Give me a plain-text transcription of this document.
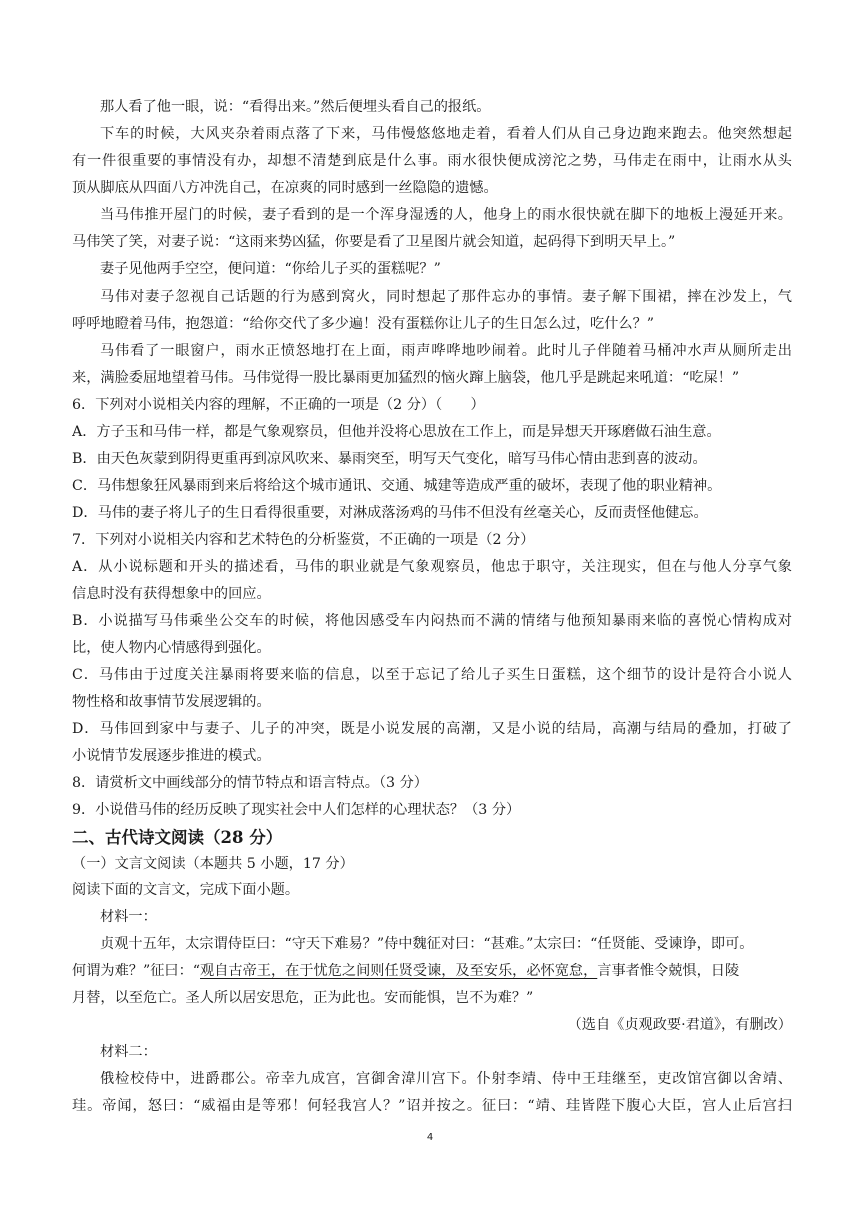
那人看了他一眼，说：“看得出来。”然后便埋头看自己的报纸。
下车的时候，大风夹杂着雨点落了下来，马伟慢悠悠地走着，看着人们从自己身边跑来跑去。他突然想起
有一件很重要的事情没有办，却想不清楚到底是什么事。雨水很快便成滂沱之势，马伟走在雨中，让雨水从头
顶从脚底从四面八方冲洗自己，在凉爽的同时感到一丝隐隐的遗憾。
当马伟推开屋门的时候，妻子看到的是一个浑身湿透的人，他身上的雨水很快就在脚下的地板上漫延开来。
马伟笑了笑，对妻子说：“这雨来势凶猛，你要是看了卫星图片就会知道，起码得下到明天早上。”
妻子见他两手空空，便问道：“你给儿子买的蛋糕呢？”
马伟对妻子忽视自己话题的行为感到窝火，同时想起了那件忘办的事情。妻子解下围裙，摔在沙发上，气
呼呼地瞪着马伟，抱怨道：“给你交代了多少遍！没有蛋糕你让儿子的生日怎么过，吃什么？”
马伟看了一眼窗户，雨水正愤怒地打在上面，雨声哗哗地吵闹着。此时儿子伴随着马桶冲水声从厕所走出
来，满脸委屈地望着马伟。马伟觉得一股比暴雨更加猛烈的恼火蹿上脑袋，他几乎是跳起来吼道：“吃屎！”
6．下列对小说相关内容的理解，不正确的一项是（2 分）（　　）
A．方子玉和马伟一样，都是气象观察员，但他并没将心思放在工作上，而是异想天开琢磨做石油生意。
B．由天色灰蒙到阴得更重再到凉风吹来、暴雨突至，明写天气变化，暗写马伟心情由悲到喜的波动。
C．马伟想象狂风暴雨到来后将给这个城市通讯、交通、城建等造成严重的破坏，表现了他的职业精神。
D．马伟的妻子将儿子的生日看得很重要，对淋成落汤鸡的马伟不但没有丝毫关心，反而责怪他健忘。
7．下列对小说相关内容和艺术特色的分析鉴赏，不正确的一项是（2 分）
A．从小说标题和开头的描述看，马伟的职业就是气象观察员，他忠于职守，关注现实，但在与他人分享气象
信息时没有获得想象中的回应。
B．小说描写马伟乘坐公交车的时候，将他因感受车内闷热而不满的情绪与他预知暴雨来临的喜悦心情构成对
比，使人物内心情感得到强化。
C．马伟由于过度关注暴雨将要来临的信息，以至于忘记了给儿子买生日蛋糕，这个细节的设计是符合小说人
物性格和故事情节发展逻辑的。
D．马伟回到家中与妻子、儿子的冲突，既是小说发展的高潮，又是小说的结局，高潮与结局的叠加，打破了
小说情节发展逐步推进的模式。
8．请赏析文中画线部分的情节特点和语言特点。（3 分）
9．小说借马伟的经历反映了现实社会中人们怎样的心理状态？（3 分）
二、古代诗文阅读（28 分）
（一）文言文阅读（本题共 5 小题，17 分）
阅读下面的文言文，完成下面小题。
材料一：
贞观十五年，太宗谓侍臣曰：“守天下难易？”侍中魏征对曰：“甚难。”太宗曰：“任贤能、受谏诤，即可。
何谓为难？”征曰：“观自古帝王，在于忧危之间则任贤受谏，及至安乐，必怀宽怠，言事者惟令兢惧，日陵
月替，以至危亡。圣人所以居安思危，正为此也。安而能惧，岂不为难？”
（选自《贞观政要·君道》，有删改）
材料二：
俄检校侍中，进爵郡公。帝幸九成宫，宫御舍湋川宫下。仆射李靖、侍中王珪继至，吏改馆宫御以舍靖、
珪。帝闻，怒曰：“威福由是等邪！何轻我宫人？”诏并按之。征曰：“靖、珪皆陛下腹心大臣，宫人止后宫扫
4
